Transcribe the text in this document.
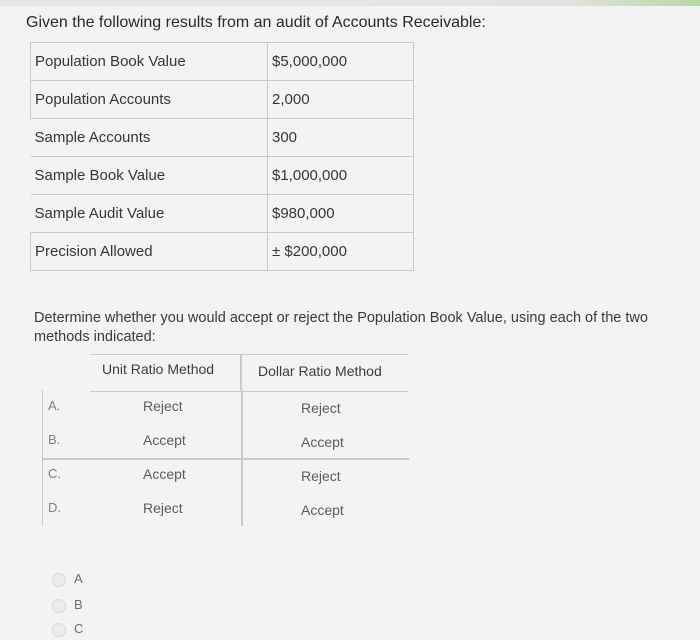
Given the following results from an audit of Accounts Receivable:
Population Book Value	$5,000,000
Population Accounts	2,000
Sample Accounts	300
Sample Book Value	$1,000,000
Sample Audit Value	$980,000
Precision Allowed	± $200,000
Determine whether you would accept or reject the Population Book Value, using each of the two methods indicated:
Unit Ratio Method	Dollar Ratio Method
A.	Reject	Reject
B.	Accept	Accept
C.	Accept	Reject
D.	Reject	Accept
A
B
C
